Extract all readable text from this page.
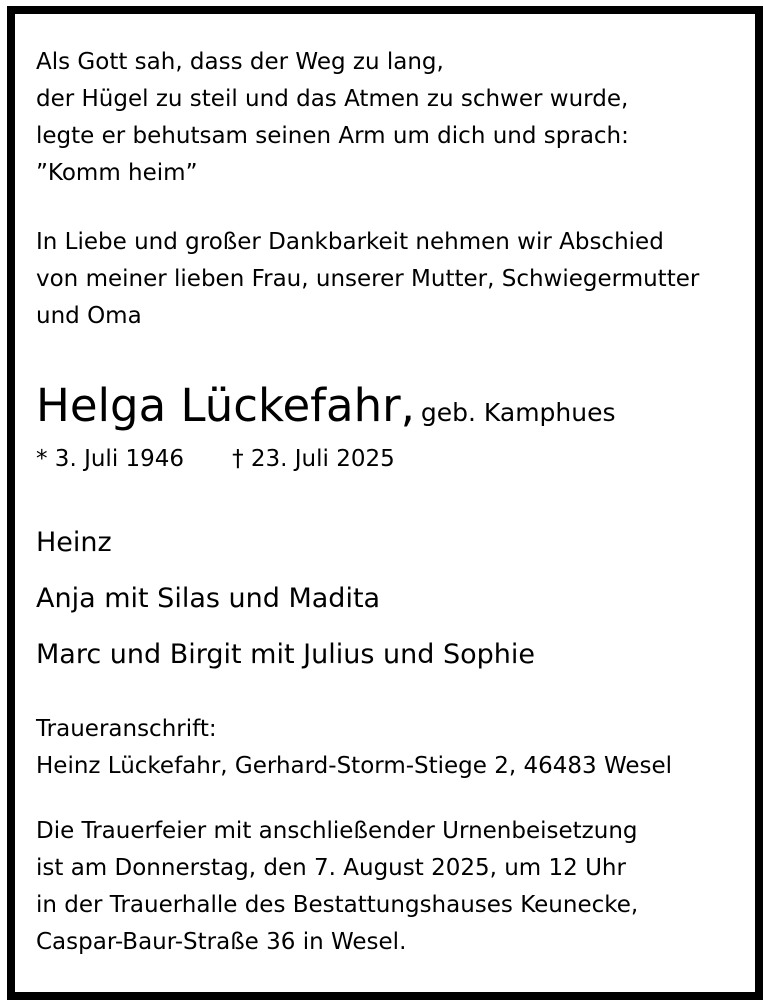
Als Gott sah, dass der Weg zu lang,
der Hügel zu steil und das Atmen zu schwer wurde,
legte er behutsam seinen Arm um dich und sprach:
”Komm heim”
In Liebe und großer Dankbarkeit nehmen wir Abschied
von meiner lieben Frau, unserer Mutter, Schwiegermutter
und Oma
Helga Lückefahr, geb. Kamphues
* 3. Juli 1946 † 23. Juli 2025
Heinz
Anja mit Silas und Madita
Marc und Birgit mit Julius und Sophie
Traueranschrift:
Heinz Lückefahr, Gerhard-Storm-Stiege 2, 46483 Wesel
Die Trauerfeier mit anschließender Urnenbeisetzung
ist am Donnerstag, den 7. August 2025, um 12 Uhr
in der Trauerhalle des Bestattungshauses Keunecke,
Caspar-Baur-Straße 36 in Wesel.
